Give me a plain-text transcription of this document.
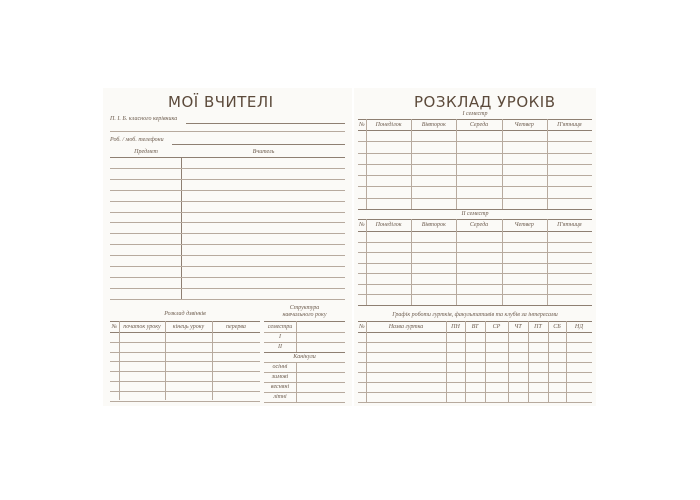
МОЇ ВЧИТЕЛІ
П. І. Б. класного керівника
Роб. / моб. телефони
Предмет	Вчитель
Розклад дзвінків
№ початок уроку	кінець уроку	перерва
Структура
навчального року
семестри
I
II
Канікули
осінні
зимові
весняні
літні
РОЗКЛАД УРОКІВ
I семестр
№	Понеділок	Вівторок	Середа	Четвер	П'ятниця
II семестр
№	Понеділок	Вівторок	Середа	Четвер	П'ятниця
Графік роботи гуртків, факультативів та клубів за інтересами
№	Назва гуртка	ПН	ВТ	СР	ЧТ	ПТ	СБ	НД
